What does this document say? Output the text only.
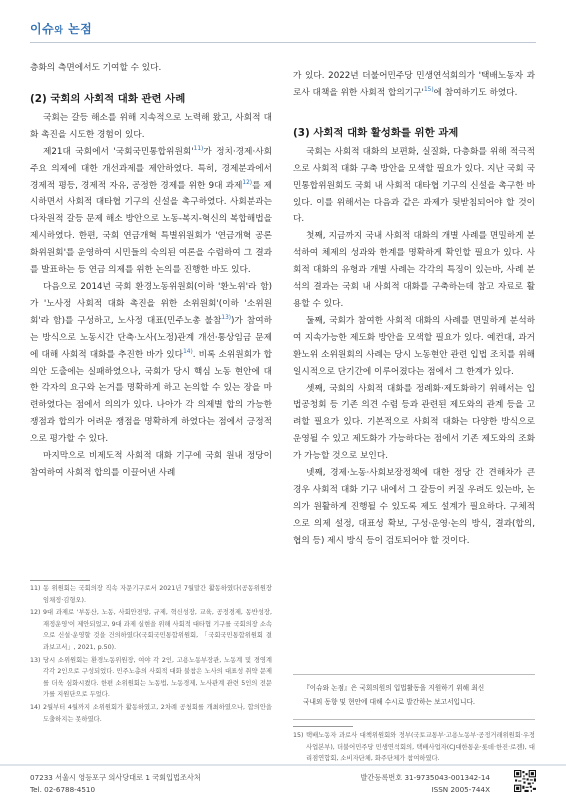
이슈와 논점

층화의 측면에서도 기여할 수 있다.

(2) 국회의 사회적 대화 관련 사례

국회는 갈등 해소를 위해 지속적으로 노력해 왔고, 사회적 대화 촉진을 시도한 경험이 있다.

제21대 국회에서 '국회국민통합위원회'$^{11)}$가 정치·경제·사회 주요 의제에 대한 개선과제를 제안하였다. 특히, 경제분과에서 경제적 평등, 경제적 자유, 공정한 경제를 위한 9대 과제$^{12)}$를 제시하면서 사회적 대타협 기구의 신설을 촉구하였다. 사회분과는 다차원적 갈등 문제 해소 방안으로 노동-복지-혁신의 복합해법을 제시하였다. 한편, 국회 연금개혁 특별위원회가 '연금개혁 공론화위원회'를 운영하여 시민들의 숙의된 여론을 수렴하여 그 결과를 발표하는 등 연금 의제를 위한 논의를 진행한 바도 있다.

다음으로 2014년 국회 환경노동위원회(이하 '환노위'라 함)가 '노사정 사회적 대화 촉진을 위한 소위원회'(이하 '소위원회'라 함)를 구성하고, 노사정 대표(민주노총 불참$^{13)}$)가 참여하는 방식으로 노동시간 단축·노사(노정)관계 개선·통상임금 문제에 대해 사회적 대화를 추진한 바가 있다$^{14)}$. 비록 소위원회가 합의안 도출에는 실패하였으나, 국회가 당시 핵심 노동 현안에 대한 각자의 요구와 논거를 명확하게 하고 논의할 수 있는 장을 마련하였다는 점에서 의의가 있다. 나아가 각 의제별 합의 가능한 쟁점과 합의가 어려운 쟁점을 명확하게 하였다는 점에서 긍정적으로 평가할 수 있다.

마지막으로 비제도적 사회적 대화 기구에 국회 원내 정당이 참여하여 사회적 합의를 이끌어낸 사례

가 있다. 2022년 더불어민주당 민생연석회의가 '택배노동자 과로사 대책을 위한 사회적 합의기구'$^{15)}$에 참여하기도 하였다.

(3) 사회적 대화 활성화를 위한 과제

국회는 사회적 대화의 보편화, 실질화, 다층화를 위해 적극적으로 사회적 대화 구축 방안을 모색할 필요가 있다. 지난 국회 국민통합위원회도 국회 내 사회적 대타협 기구의 신설을 촉구한 바 있다. 이를 위해서는 다음과 같은 과제가 뒷받침되어야 할 것이다.

첫째, 지금까지 국내 사회적 대화의 개별 사례를 면밀하게 분석하여 체제의 성과와 한계를 명확하게 확인할 필요가 있다. 사회적 대화의 유형과 개별 사례는 각각의 특징이 있는바, 사례 분석의 결과는 국회 내 사회적 대화를 구축하는데 참고 자료로 활용할 수 있다.

둘째, 국회가 참여한 사회적 대화의 사례를 면밀하게 분석하여 지속가능한 제도화 방안을 모색할 필요가 있다. 예컨대, 과거 환노위 소위원회의 사례는 당시 노동현안 관련 입법 조치를 위해 일시적으로 단기간에 이루어졌다는 점에서 그 한계가 있다.

셋째, 국회의 사회적 대화를 정례화·제도화하기 위해서는 입법공청회 등 기존 의견 수렴 등과 관련된 제도와의 관계 등을 고려할 필요가 있다. 기본적으로 사회적 대화는 다양한 방식으로 운영될 수 있고 제도화가 가능하다는 점에서 기존 제도와의 조화가 가능할 것으로 보인다.

넷째, 경제·노동·사회보장정책에 대한 정당 간 견해차가 큰 경우 사회적 대화 기구 내에서 그 갈등이 커질 우려도 있는바, 논의가 원활하게 진행될 수 있도록 제도 설계가 필요하다. 구체적으로 의제 설정, 대표성 확보, 구성·운영·논의 방식, 결과(합의, 협의 등) 제시 방식 등이 검토되어야 할 것이다.

11) 동 위원회는 국회의장 직속 자문기구로서 2021년 7월말간 활동하였다(공동위원장 임채정·김형오).
12) 9대 과제로 '부동산, 노동, 사회안전망, 규제, 혁신성장, 교육, 공정경제, 동반성장, 재정운영'이 제안되었고, 9대 과제 실현을 위해 사회적 대타협 기구를 국회의장 소속으로 신설·운영할 것을 건의하였다(국회국민통합위원회, 「국회국민통합위원회 결과보고서」, 2021, p.50).
13) 당시 소위원회는 환경노동위원장, 여야 각 2인, 고용노동부장관, 노동계 및 경영계 각각 2인으로 구성되었다. 민주노총의 사회적 대화 불참은 노사의 대표성 취약 문제를 더욱 심화시켰다. 한편 소위원회는 노동법, 노동경제, 노사관계 관련 5인의 전문가를 지원단으로 두었다.
14) 2월부터 4월까지 소위원회가 활동하였고, 2차례 공청회를 개최하였으나, 합의안을 도출하지는 못하였다.
『이슈와 논점』은 국회의원의 입법활동을 지원하기 위해 최신
국내외 동향 및 현안에 대해 수시로 발간하는 보고서입니다.
15) 택배노동자 과로사 대책위원회와 정부(국토교통부·고용노동부·공정거래위원회·우정사업본부), 더불어민주당 민생연석회의, 택배사업자(CJ대한통운·롯데·한진·로젠), 대리점연합회, 소비자단체, 화주단체가 참여하였다.
07233 서울시 영등포구 의사당대로 1 국회입법조사처
Tel. 02-6788-4510
발간등록번호 31-9735043-001342-14
ISSN 2005-744X
